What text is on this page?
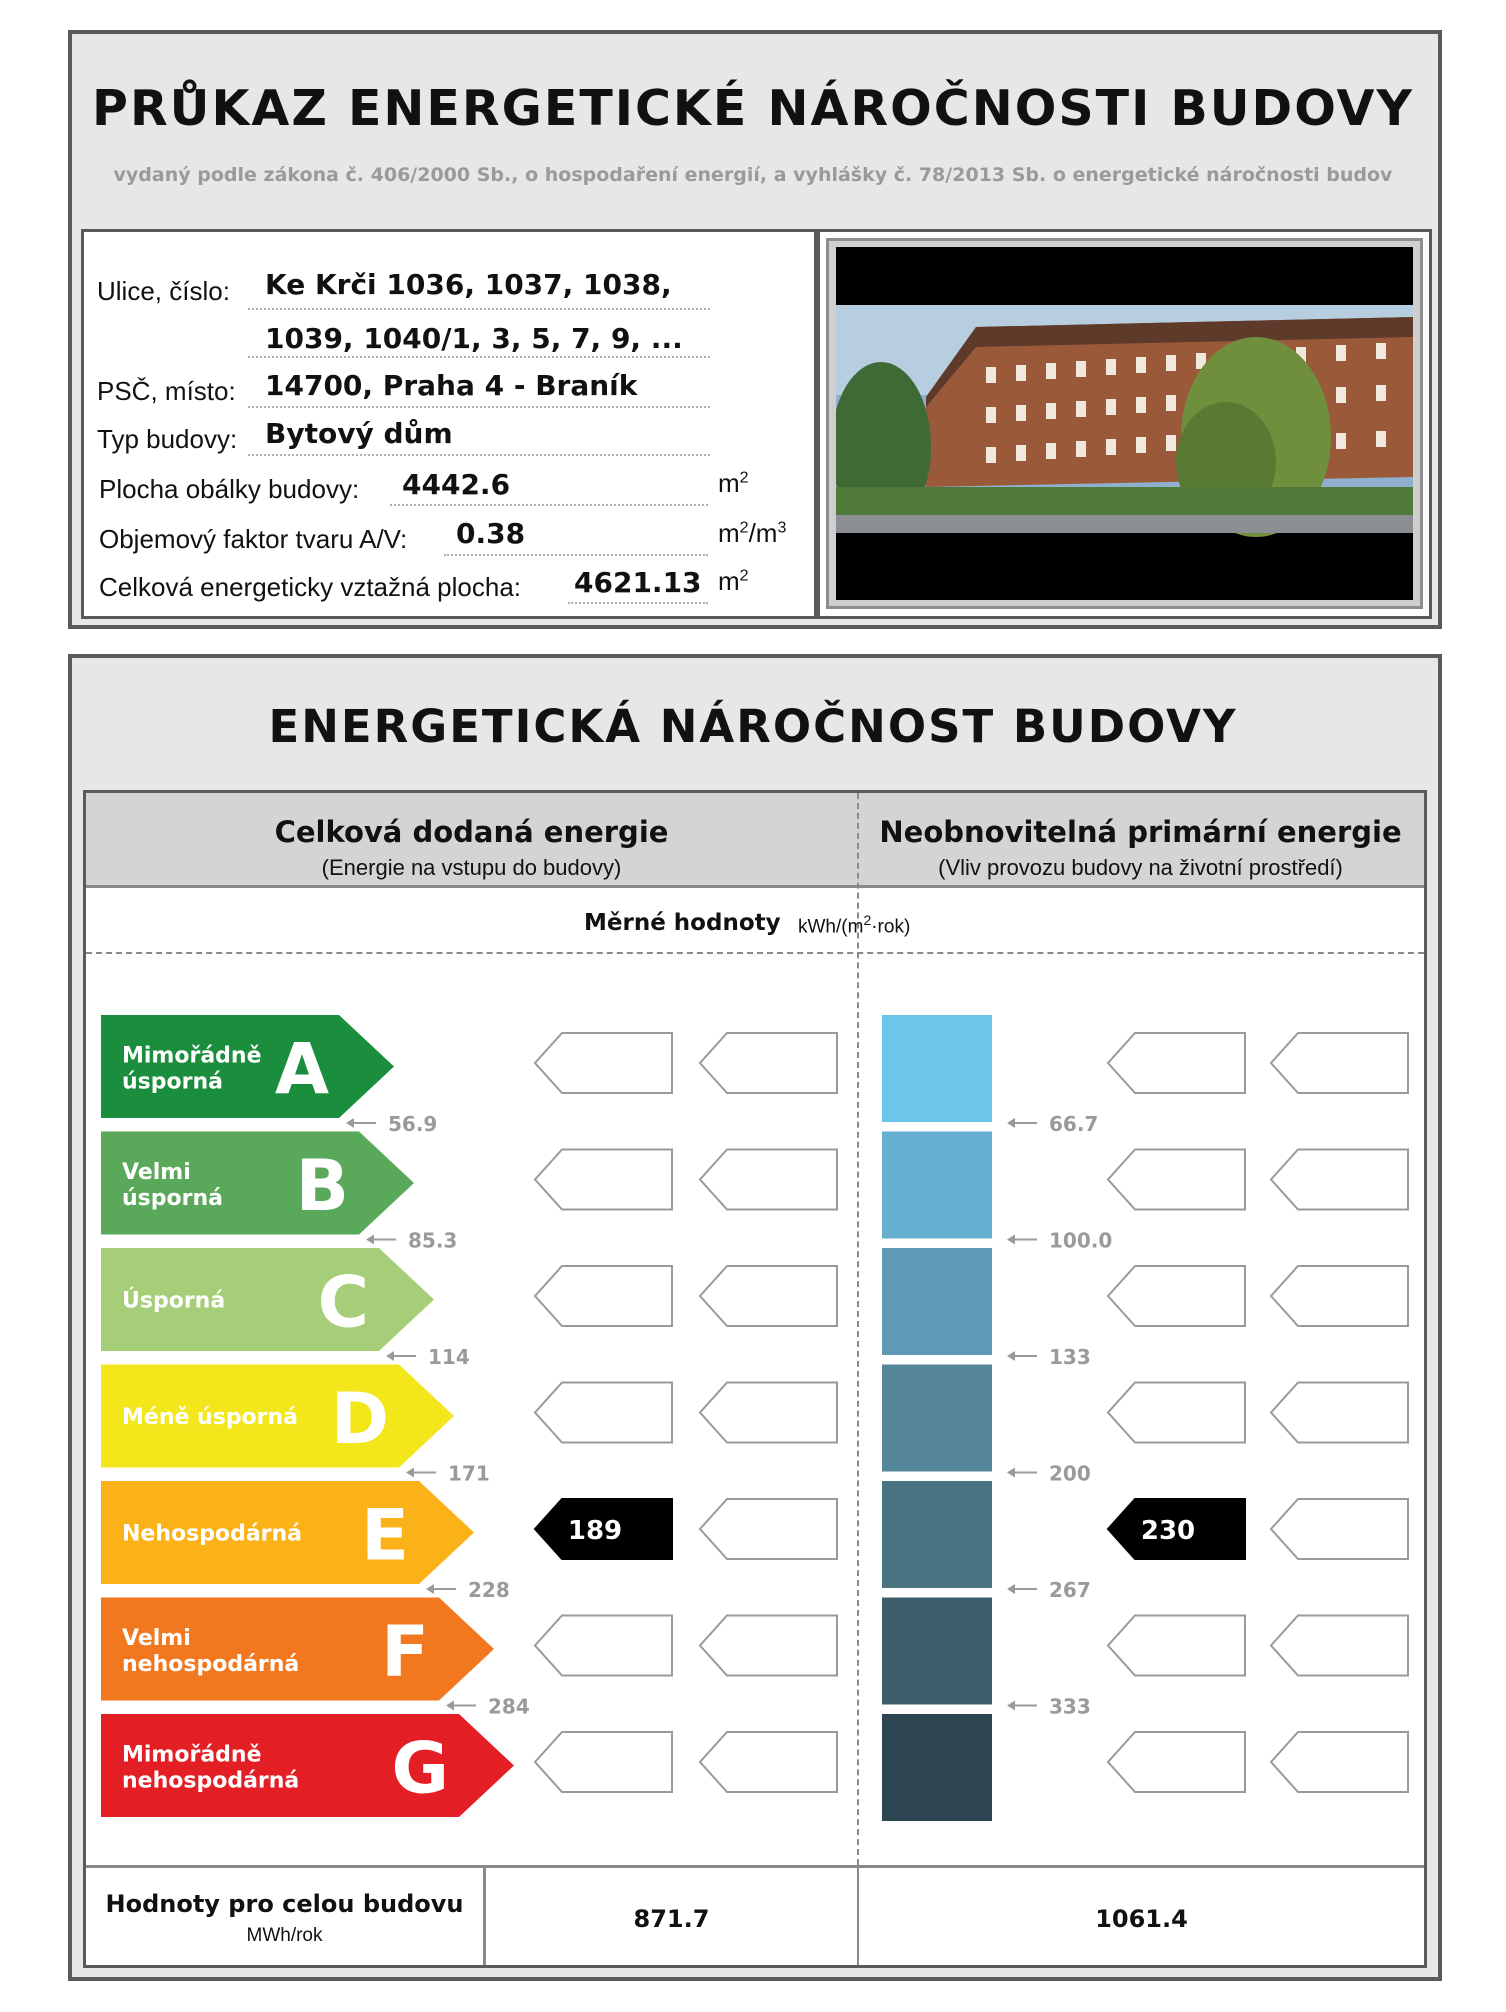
PRŮKAZ ENERGETICKÉ NÁROČNOSTI BUDOVY
vydaný podle zákona č. 406/2000 Sb., o hospodaření energií, a vyhlášky č. 78/2013 Sb. o energetické náročnosti budov
Ulice, číslo: Ke Krči 1036, 1037, 1038,
1039, 1040/1, 3, 5, 7, 9, ...
PSČ, místo: 14700, Praha 4 - Braník
Typ budovy: Bytový dům
Plocha obálky budovy: 4442.6	$m^2$
Objemový faktor tvaru A/V: 0.38	$m^2/m^3$
Celková energeticky vztažná plocha: 4621.13 $m^2$
ENERGETICKÁ NÁROČNOST BUDOVY
Celková dodaná energie
(Energie na vstupu do budovy)
Neobnovitelná primární energie
(Vliv provozu budovy na životní prostředí)
Měrné hodnoty kWh/$(m^2\cdot rok)$
Mimořádně
úsporná A
Velmi
úsporná B
Úsporná C
Méně úsporná D
Nehospodárná E	189	230
Velmi
nehospodárná F
Mimořádně
nehospodárná G
56.9
85.3
114
171
228
284
66.7
100.0
133
200
267
333
Hodnoty pro celou budovu
MWh/rok
871.7	1061.4
